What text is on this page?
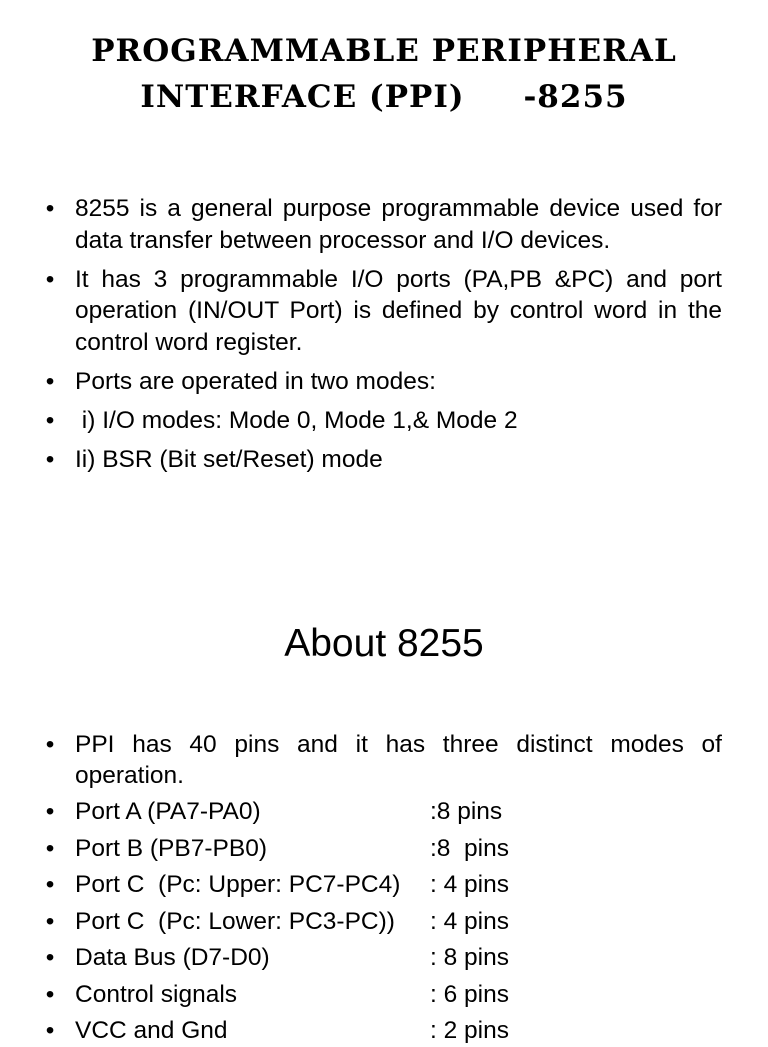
PROGRAMMABLE PERIPHERAL
INTERFACE (PPI)     -8255
• 8255 is a general purpose programmable device used for data transfer between processor and I/O devices.
• It has 3 programmable I/O ports (PA,PB &PC) and port operation (IN/OUT Port) is defined by control word in the control word register.
• Ports are operated in two modes:
• i) I/O modes: Mode 0, Mode 1,& Mode 2
• Ii) BSR (Bit set/Reset) mode
About 8255
• PPI has 40 pins and it has three distinct modes of operation.
• Port A (PA7-PA0)	:8 pins
• Port B (PB7-PB0)	:8  pins
• Port C  (Pc: Upper: PC7-PC4) : 4 pins
• Port C  (Pc: Lower: PC3-PC)) : 4 pins
• Data Bus (D7-D0)	: 8 pins
• Control signals	: 6 pins
• VCC and Gnd	: 2 pins
